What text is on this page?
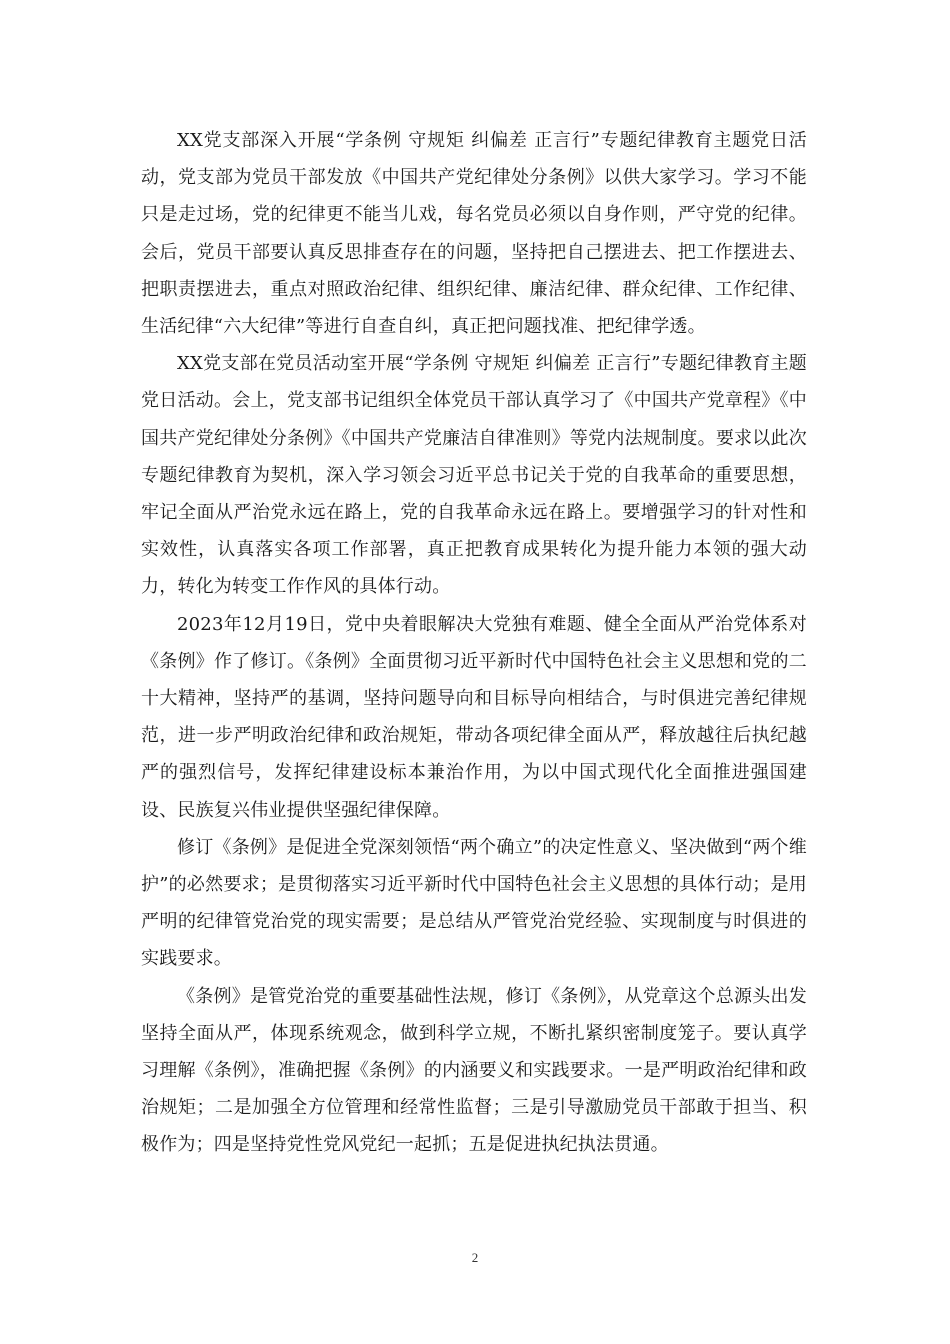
XX党支部深入开展“学条例 守规矩 纠偏差 正言行”专题纪律教育主题党日活动，党支部为党员干部发放《中国共产党纪律处分条例》以供大家学习。学习不能只是走过场，党的纪律更不能当儿戏，每名党员必须以自身作则，严守党的纪律。会后，党员干部要认真反思排查存在的问题，坚持把自己摆进去、把工作摆进去、把职责摆进去，重点对照政治纪律、组织纪律、廉洁纪律、群众纪律、工作纪律、生活纪律“六大纪律”等进行自查自纠，真正把问题找准、把纪律学透。

XX党支部在党员活动室开展“学条例 守规矩 纠偏差 正言行”专题纪律教育主题党日活动。会上，党支部书记组织全体党员干部认真学习了《中国共产党章程》《中国共产党纪律处分条例》《中国共产党廉洁自律准则》等党内法规制度。要求以此次专题纪律教育为契机，深入学习领会习近平总书记关于党的自我革命的重要思想，牢记全面从严治党永远在路上，党的自我革命永远在路上。要增强学习的针对性和实效性，认真落实各项工作部署，真正把教育成果转化为提升能力本领的强大动力，转化为转变工作作风的具体行动。

2023年12月19日，党中央着眼解决大党独有难题、健全全面从严治党体系对《条例》作了修订。《条例》全面贯彻习近平新时代中国特色社会主义思想和党的二十大精神，坚持严的基调，坚持问题导向和目标导向相结合，与时俱进完善纪律规范，进一步严明政治纪律和政治规矩，带动各项纪律全面从严，释放越往后执纪越严的强烈信号，发挥纪律建设标本兼治作用，为以中国式现代化全面推进强国建设、民族复兴伟业提供坚强纪律保障。

修订《条例》是促进全党深刻领悟“两个确立”的决定性意义、坚决做到“两个维护”的必然要求；是贯彻落实习近平新时代中国特色社会主义思想的具体行动；是用严明的纪律管党治党的现实需要；是总结从严管党治党经验、实现制度与时俱进的实践要求。

《条例》是管党治党的重要基础性法规，修订《条例》，从党章这个总源头出发坚持全面从严，体现系统观念，做到科学立规，不断扎紧织密制度笼子。要认真学习理解《条例》，准确把握《条例》的内涵要义和实践要求。一是严明政治纪律和政治规矩；二是加强全方位管理和经常性监督；三是引导激励党员干部敢于担当、积极作为；四是坚持党性党风党纪一起抓；五是促进执纪执法贯通。

2
